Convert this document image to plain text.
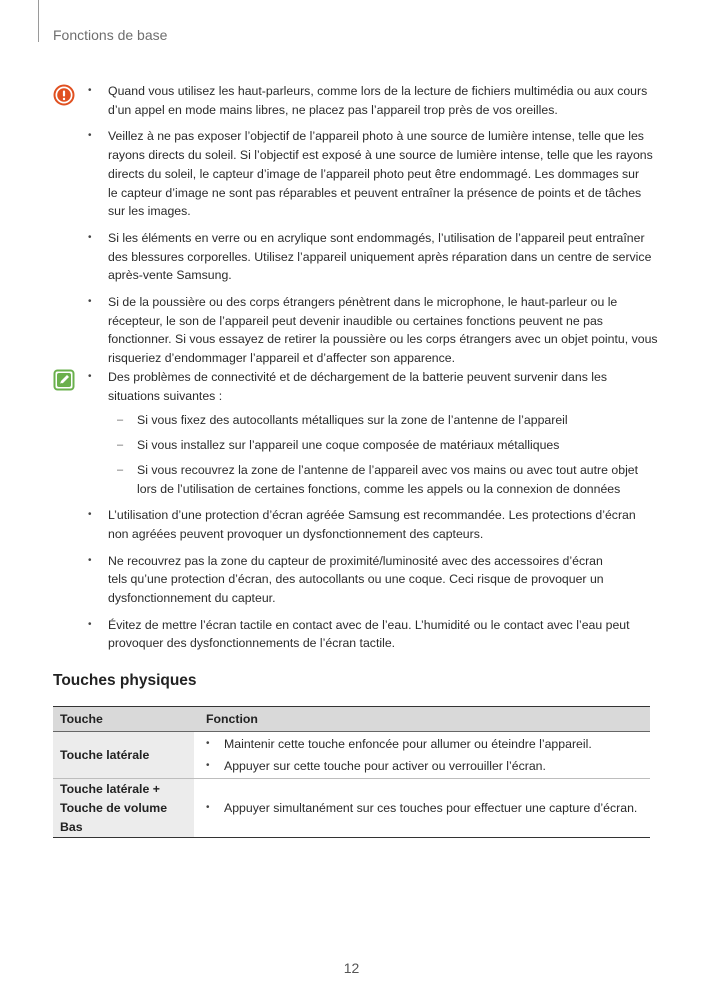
Fonctions de base
• Quand vous utilisez les haut-parleurs, comme lors de la lecture de fichiers multimédia ou aux cours
d’un appel en mode mains libres, ne placez pas l’appareil trop près de vos oreilles.
• Veillez à ne pas exposer l’objectif de l’appareil photo à une source de lumière intense, telle que les
rayons directs du soleil. Si l’objectif est exposé à une source de lumière intense, telle que les rayons
directs du soleil, le capteur d’image de l’appareil photo peut être endommagé. Les dommages sur
le capteur d’image ne sont pas réparables et peuvent entraîner la présence de points et de tâches
sur les images.
• Si les éléments en verre ou en acrylique sont endommagés, l’utilisation de l’appareil peut entraîner
des blessures corporelles. Utilisez l’appareil uniquement après réparation dans un centre de service
après-vente Samsung.
• Si de la poussière ou des corps étrangers pénètrent dans le microphone, le haut-parleur ou le
récepteur, le son de l’appareil peut devenir inaudible ou certaines fonctions peuvent ne pas
fonctionner. Si vous essayez de retirer la poussière ou les corps étrangers avec un objet pointu, vous
risqueriez d’endommager l’appareil et d’affecter son apparence.
• Des problèmes de connectivité et de déchargement de la batterie peuvent survenir dans les
situations suivantes :
– Si vous fixez des autocollants métalliques sur la zone de l’antenne de l’appareil
– Si vous installez sur l’appareil une coque composée de matériaux métalliques
– Si vous recouvrez la zone de l’antenne de l’appareil avec vos mains ou avec tout autre objet
lors de l’utilisation de certaines fonctions, comme les appels ou la connexion de données
• L’utilisation d’une protection d’écran agréée Samsung est recommandée. Les protections d’écran
non agréées peuvent provoquer un dysfonctionnement des capteurs.
• Ne recouvrez pas la zone du capteur de proximité/luminosité avec des accessoires d’écran
tels qu’une protection d’écran, des autocollants ou une coque. Ceci risque de provoquer un
dysfonctionnement du capteur.
• Évitez de mettre l’écran tactile en contact avec de l’eau. L’humidité ou le contact avec l’eau peut
provoquer des dysfonctionnements de l’écran tactile.
Touches physiques
Touche	Fonction

Touche latérale	• Maintenir cette touche enfoncée pour allumer ou éteindre l’appareil.
• Appuyer sur cette touche pour activer ou verrouiller l’écran.

Touche latérale +
Touche de volume
Bas	• Appuyer simultanément sur ces touches pour effectuer une capture d’écran.
12
